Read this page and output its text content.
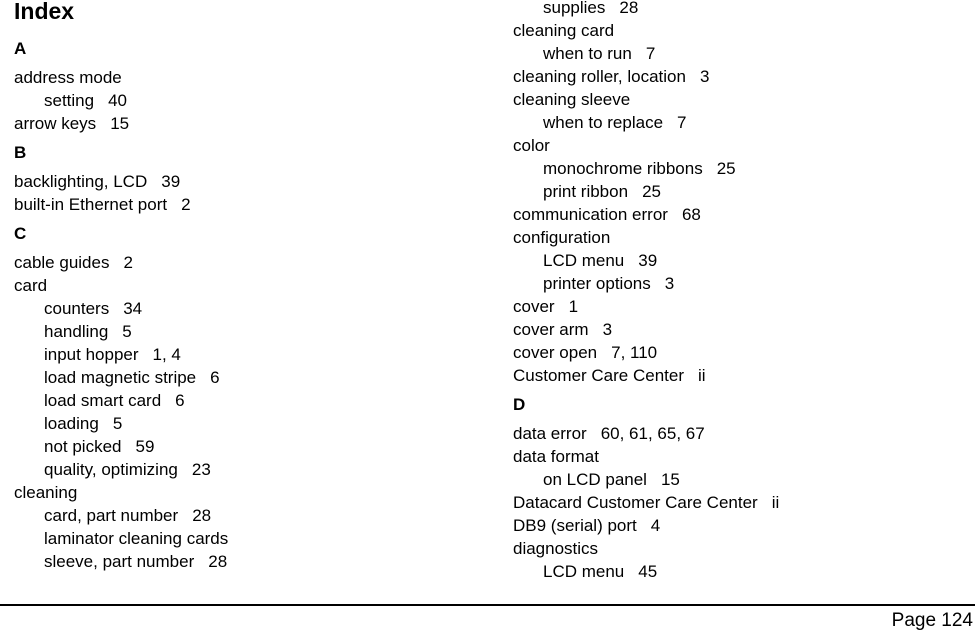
Index
A
address mode
setting 40
arrow keys 15
B
backlighting, LCD 39
built-in Ethernet port 2
C
cable guides 2
card
counters 34
handling 5
input hopper 1, 4
load magnetic stripe 6
load smart card 6
loading 5
not picked 59
quality, optimizing 23
cleaning
card, part number 28
laminator cleaning cards
sleeve, part number 28
supplies 28
cleaning card
when to run 7
cleaning roller, location 3
cleaning sleeve
when to replace 7
color
monochrome ribbons 25
print ribbon 25
communication error 68
configuration
LCD menu 39
printer options 3
cover 1
cover arm 3
cover open 7, 110
Customer Care Center ii
D
data error 60, 61, 65, 67
data format
on LCD panel 15
Datacard Customer Care Center ii
DB9 (serial) port 4
diagnostics
LCD menu 45
Page 124
